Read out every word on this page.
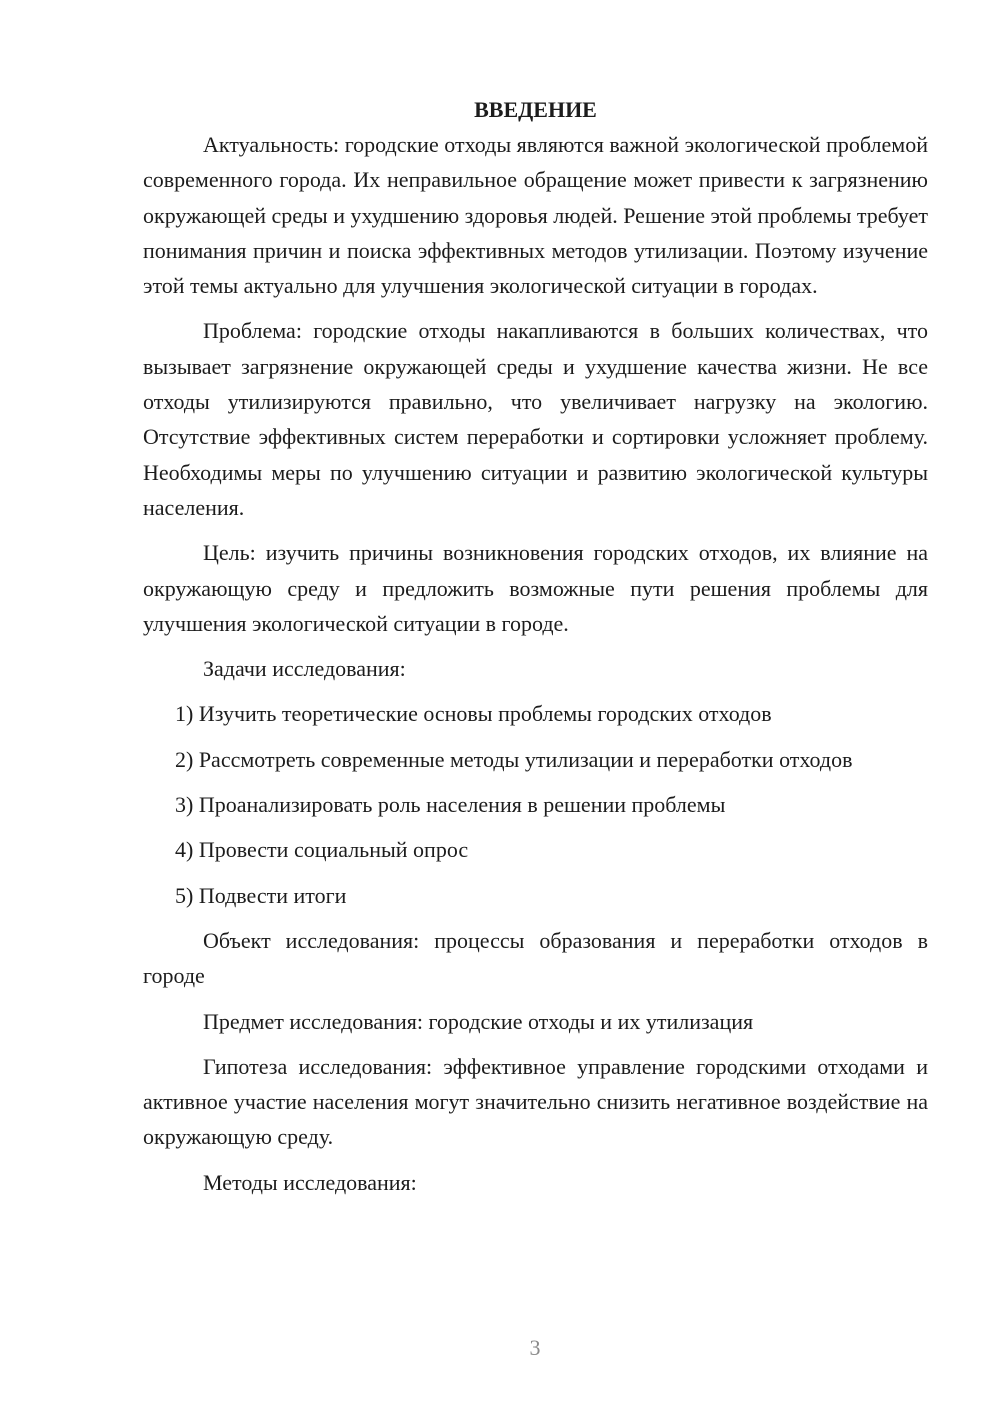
ВВЕДЕНИЕ

Актуальность: городские отходы являются важной экологической проблемой современного города. Их неправильное обращение может привести к загрязнению окружающей среды и ухудшению здоровья людей. Решение этой проблемы требует понимания причин и поиска эффективных методов утилизации. Поэтому изучение этой темы актуально для улучшения экологической ситуации в городах.

Проблема: городские отходы накапливаются в больших количествах, что вызывает загрязнение окружающей среды и ухудшение качества жизни. Не все отходы утилизируются правильно, что увеличивает нагрузку на экологию. Отсутствие эффективных систем переработки и сортировки усложняет проблему. Необходимы меры по улучшению ситуации и развитию экологической культуры населения.

Цель: изучить причины возникновения городских отходов, их влияние на окружающую среду и предложить возможные пути решения проблемы для улучшения экологической ситуации в городе.

Задачи исследования:

1) Изучить теоретические основы проблемы городских отходов

2) Рассмотреть современные методы утилизации и переработки отходов

3) Проанализировать роль населения в решении проблемы

4) Провести социальный опрос

5) Подвести итоги

Объект исследования: процессы образования и переработки отходов в городе

Предмет исследования: городские отходы и их утилизация

Гипотеза исследования: эффективное управление городскими отходами и активное участие населения могут значительно снизить негативное воздействие на окружающую среду.

Методы исследования:

3
